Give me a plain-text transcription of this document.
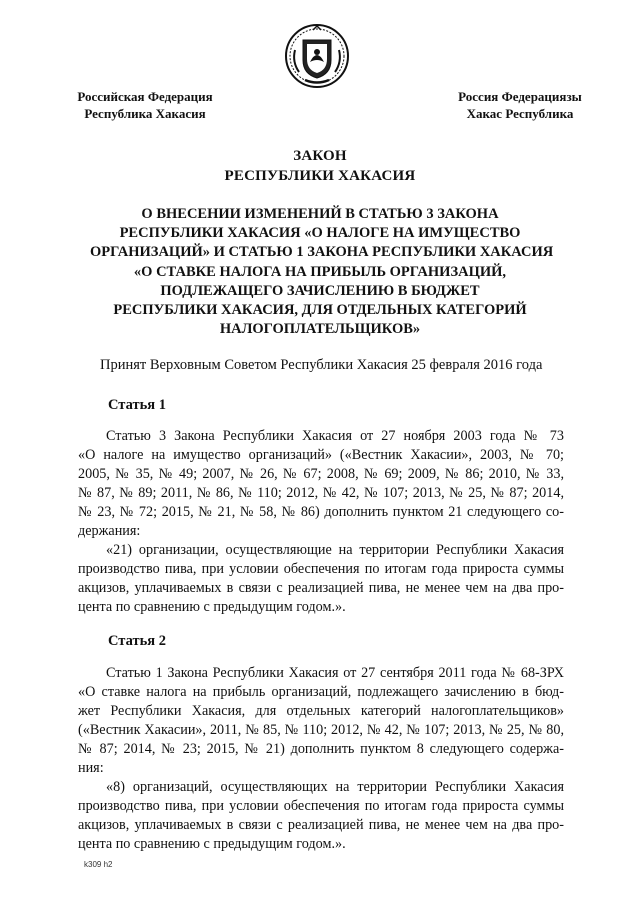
Российская Федерация
Республика Хакасия
Россия Федерациязы
Хакас Республика
ЗАКОН
РЕСПУБЛИКИ ХАКАСИЯ
О ВНЕСЕНИИ ИЗМЕНЕНИЙ В СТАТЬЮ 3 ЗАКОНА
РЕСПУБЛИКИ ХАКАСИЯ «О НАЛОГЕ НА ИМУЩЕСТВО
ОРГАНИЗАЦИЙ» И СТАТЬЮ 1 ЗАКОНА РЕСПУБЛИКИ ХАКАСИЯ
«О СТАВКЕ НАЛОГА НА ПРИБЫЛЬ ОРГАНИЗАЦИЙ,
ПОДЛЕЖАЩЕГО ЗАЧИСЛЕНИЮ В БЮДЖЕТ
РЕСПУБЛИКИ ХАКАСИЯ, ДЛЯ ОТДЕЛЬНЫХ КАТЕГОРИЙ
НАЛОГОПЛАТЕЛЬЩИКОВ»
Принят Верховным Советом Республики Хакасия 25 февраля 2016 года
Статья 1
Статью 3 Закона Республики Хакасия от 27 ноября 2003 года № 73
«О налоге на имущество организаций» («Вестник Хакасии», 2003, № 70;
2005, № 35, № 49; 2007, № 26, № 67; 2008, № 69; 2009, № 86; 2010, № 33,
№ 87, № 89; 2011, № 86, № 110; 2012, № 42, № 107; 2013, № 25, № 87; 2014,
№ 23, № 72; 2015, № 21, № 58, № 86) дополнить пунктом 21 следующего со-
держания:
«21) организации, осуществляющие на территории Республики Хакасия
производство пива, при условии обеспечения по итогам года прироста суммы
акцизов, уплачиваемых в связи с реализацией пива, не менее чем на два про-
цента по сравнению с предыдущим годом.».
Статья 2
Статью 1 Закона Республики Хакасия от 27 сентября 2011 года № 68-ЗРХ
«О ставке налога на прибыль организаций, подлежащего зачислению в бюд-
жет Республики Хакасия, для отдельных категорий налогоплательщиков»
(«Вестник Хакасии», 2011, № 85, № 110; 2012, № 42, № 107; 2013, № 25, № 80,
№ 87; 2014, № 23; 2015, № 21) дополнить пунктом 8 следующего содержа-
ния:
«8) организаций, осуществляющих на территории Республики Хакасия
производство пива, при условии обеспечения по итогам года прироста суммы
акцизов, уплачиваемых в связи с реализацией пива, не менее чем на два про-
цента по сравнению с предыдущим годом.».
k309 h2
